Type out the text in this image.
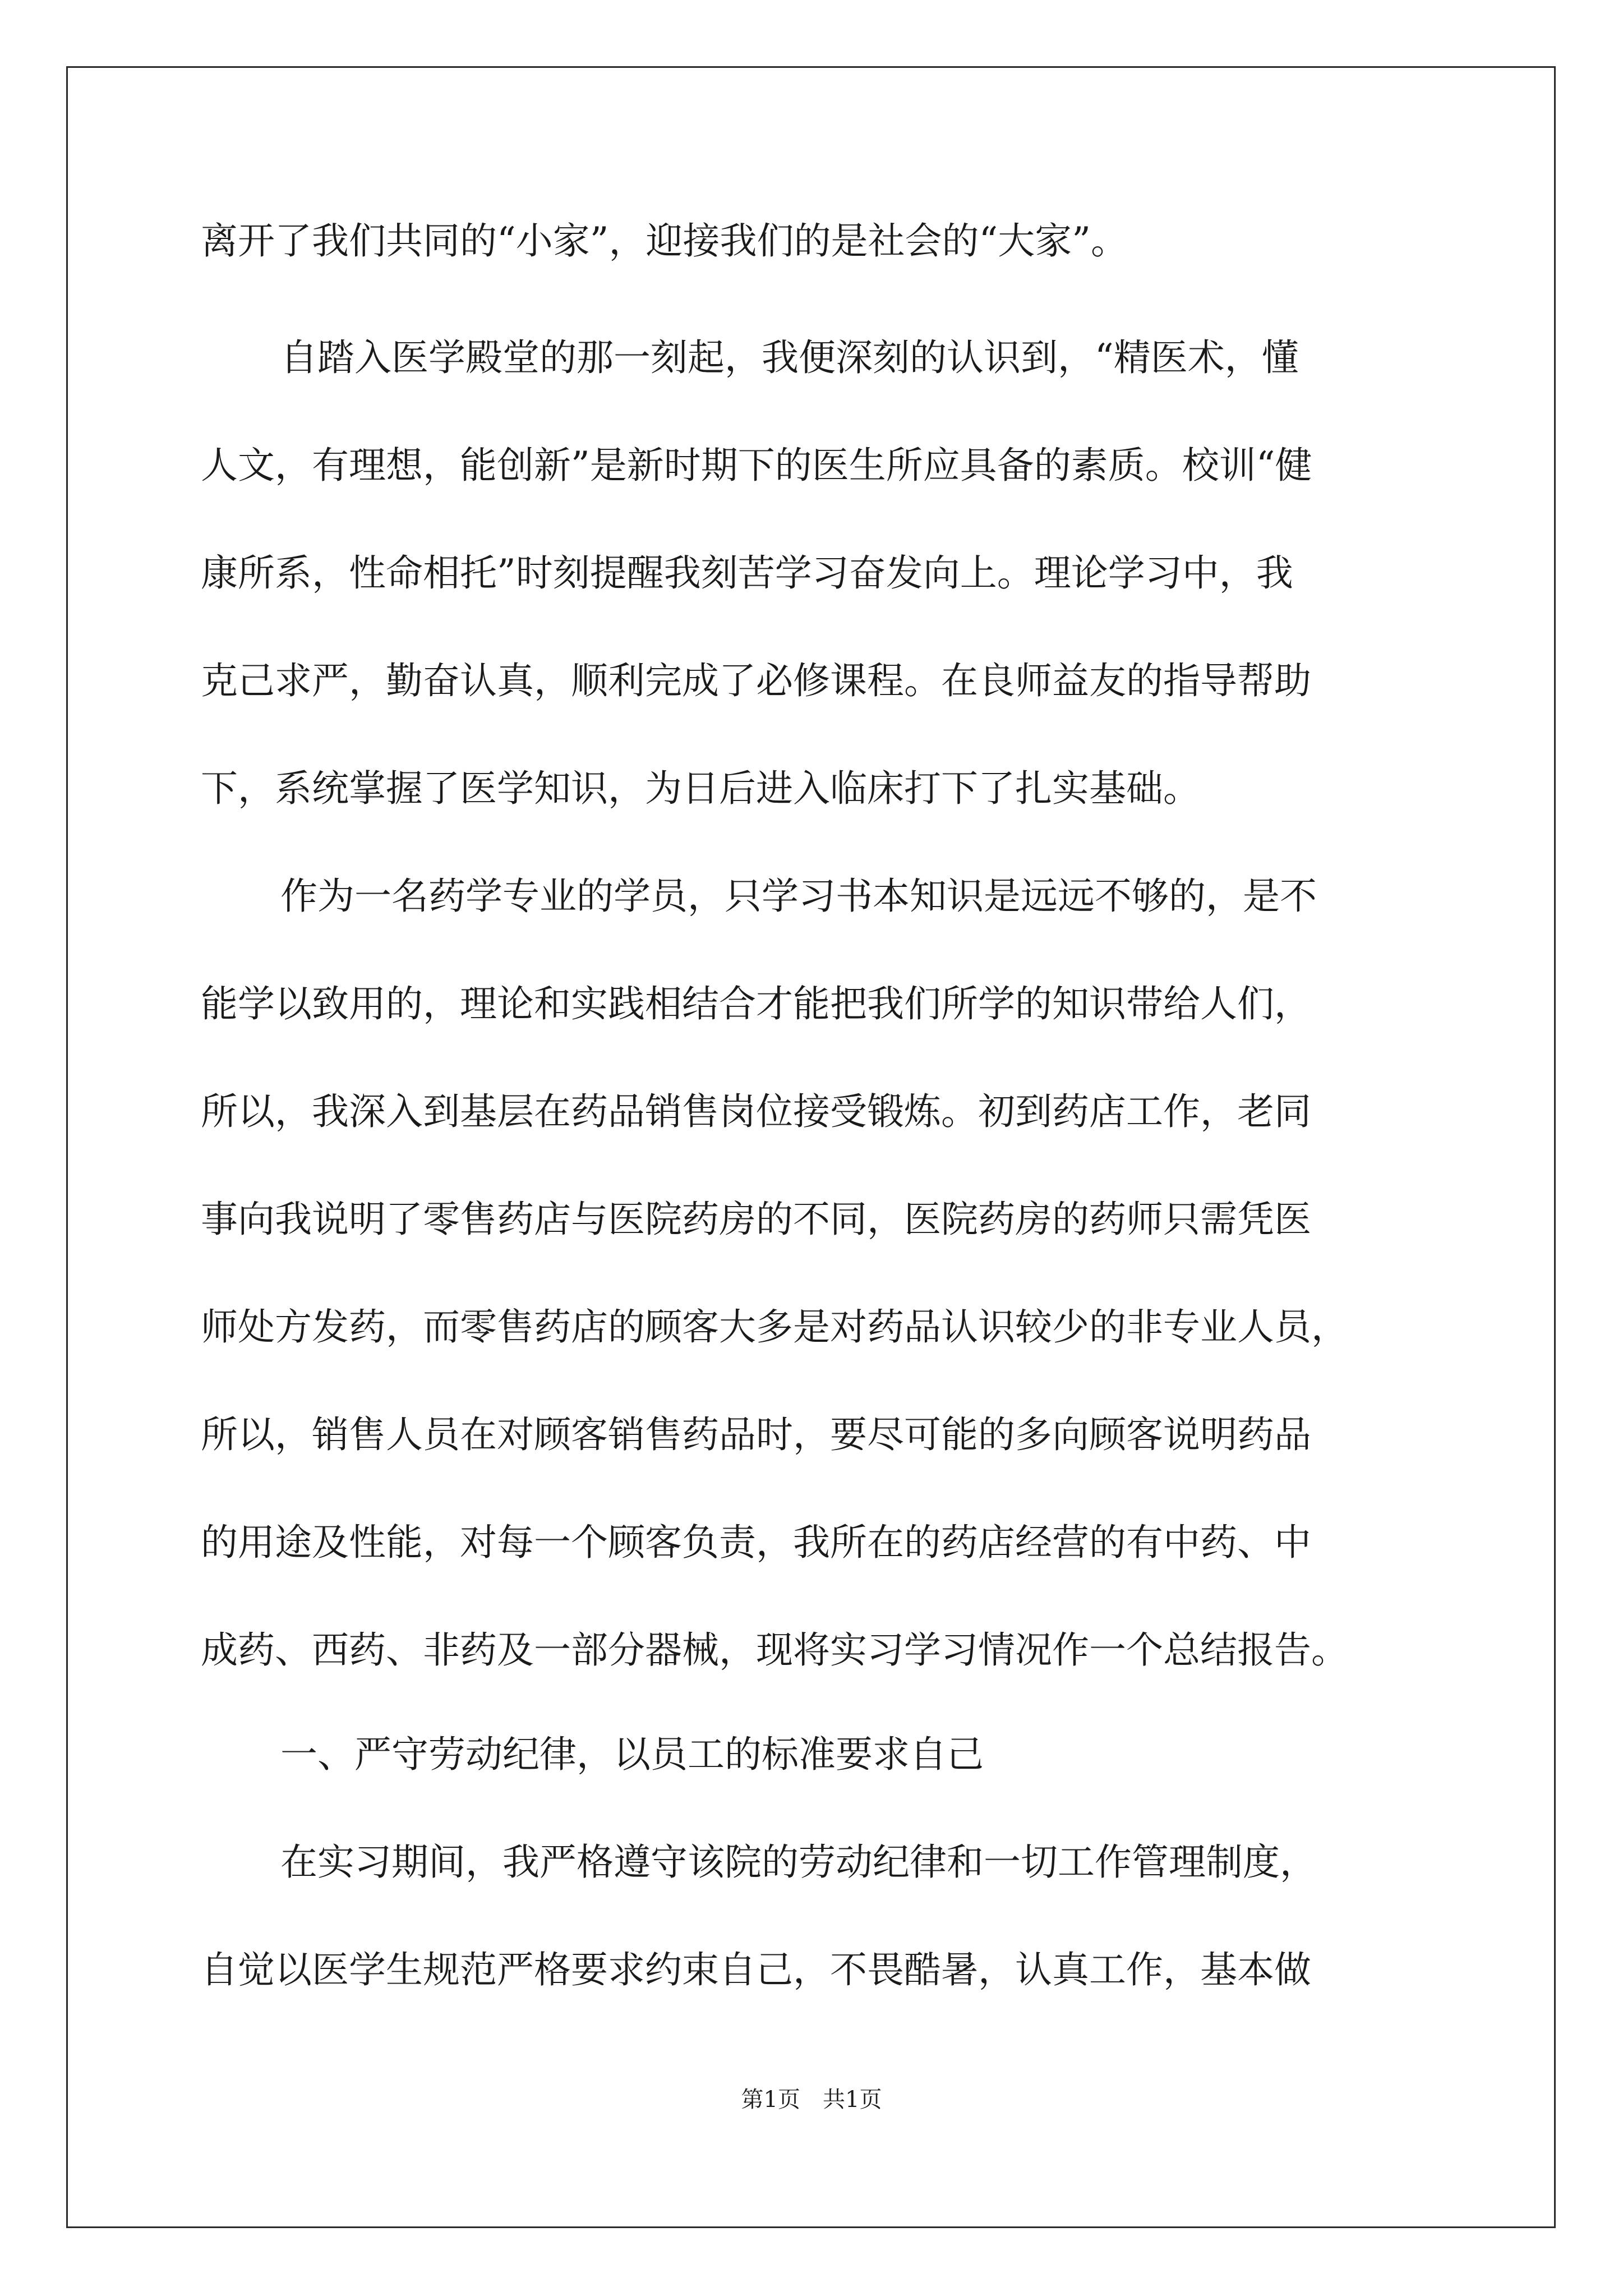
离开了我们共同的“小家”，迎接我们的是社会的“大家”。
自踏入医学殿堂的那一刻起，我便深刻的认识到，“精医术，懂
人文，有理想，能创新”是新时期下的医生所应具备的素质。校训“健
康所系，性命相托”时刻提醒我刻苦学习奋发向上。理论学习中，我
克己求严，勤奋认真，顺利完成了必修课程。在良师益友的指导帮助
下，系统掌握了医学知识，为日后进入临床打下了扎实基础。
作为一名药学专业的学员，只学习书本知识是远远不够的，是不
能学以致用的，理论和实践相结合才能把我们所学的知识带给人们，
所以，我深入到基层在药品销售岗位接受锻炼。初到药店工作，老同
事向我说明了零售药店与医院药房的不同，医院药房的药师只需凭医
师处方发药，而零售药店的顾客大多是对药品认识较少的非专业人员，
所以，销售人员在对顾客销售药品时，要尽可能的多向顾客说明药品
的用途及性能，对每一个顾客负责，我所在的药店经营的有中药、中
成药、西药、非药及一部分器械，现将实习学习情况作一个总结报告。
一、严守劳动纪律，以员工的标准要求自己
在实习期间，我严格遵守该院的劳动纪律和一切工作管理制度，
自觉以医学生规范严格要求约束自己，不畏酷暑，认真工作，基本做
第1页 共1页
